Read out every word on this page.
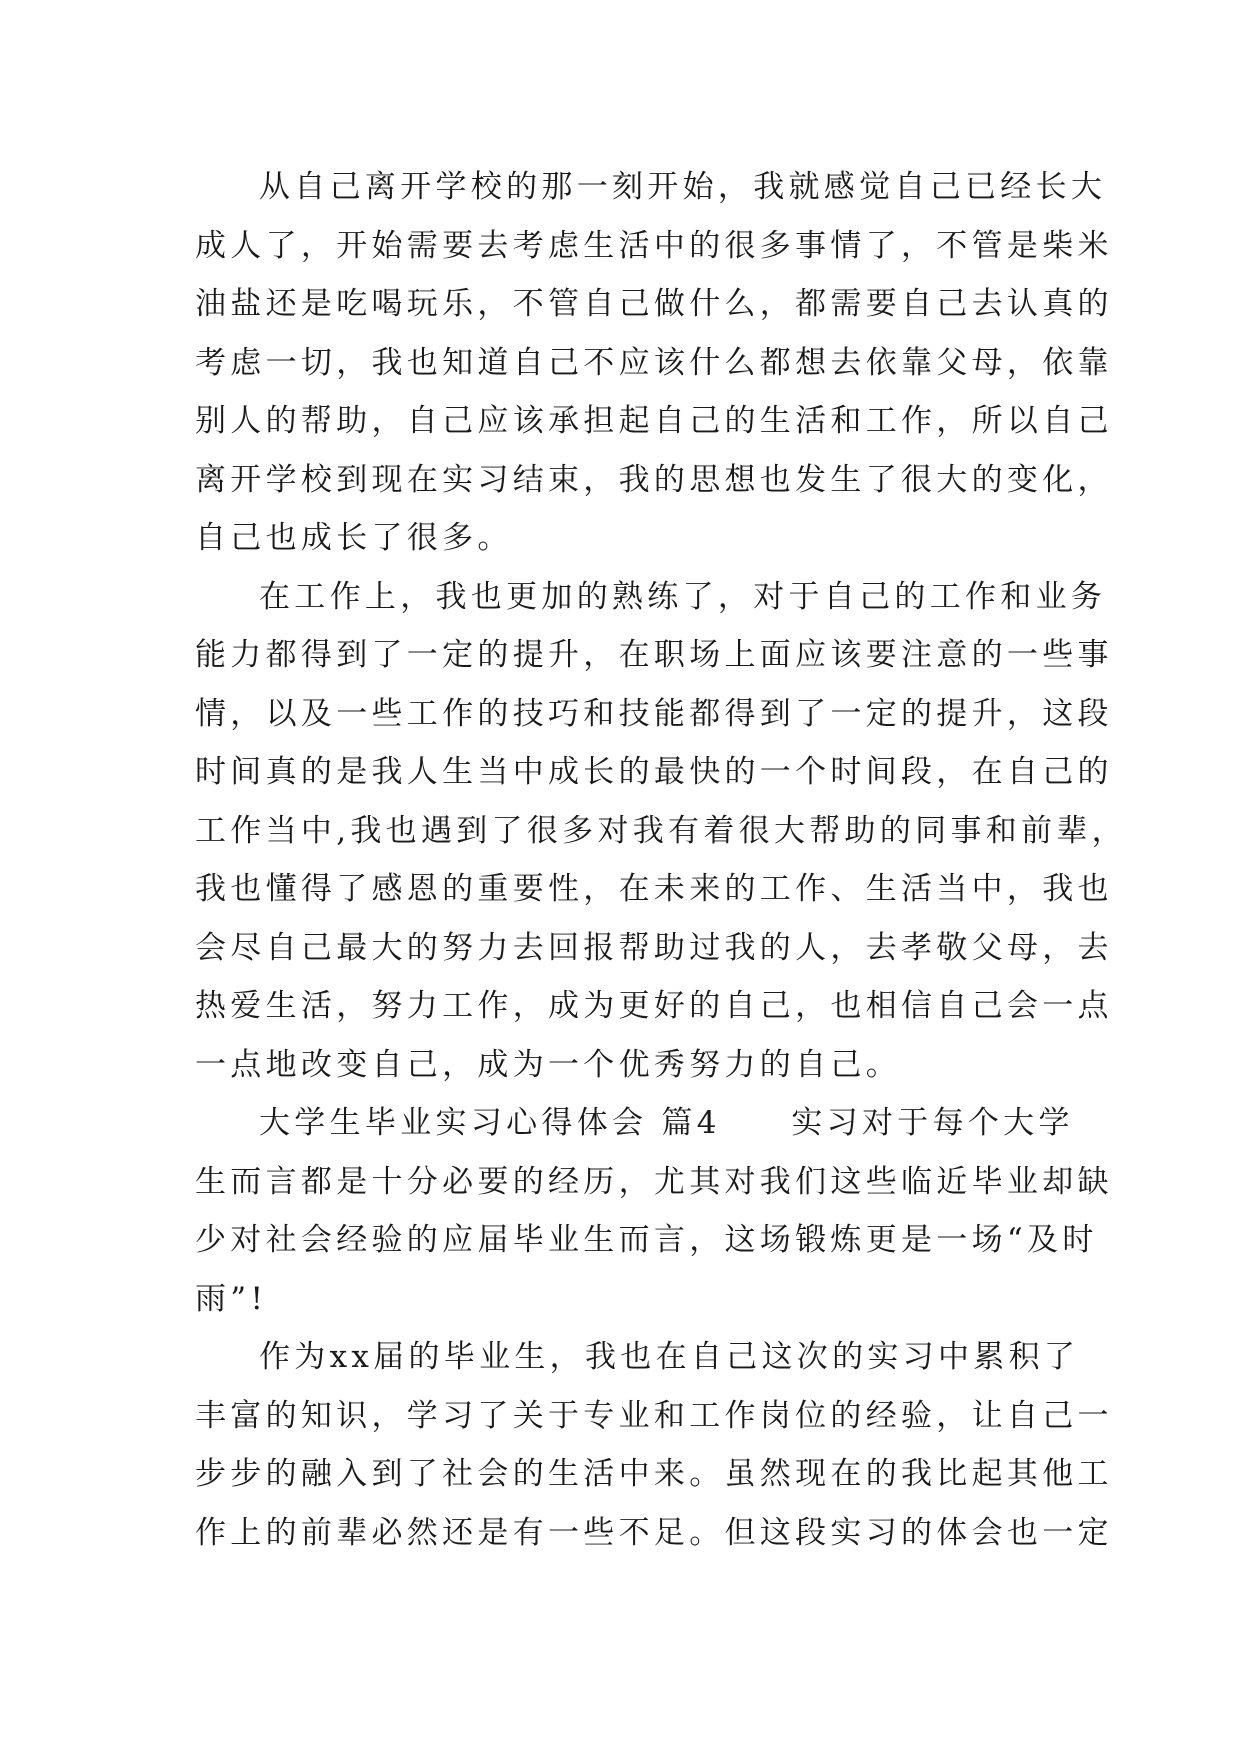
从自己离开学校的那一刻开始，我就感觉自己已经长大
成人了，开始需要去考虑生活中的很多事情了，不管是柴米
油盐还是吃喝玩乐，不管自己做什么，都需要自己去认真的
考虑一切，我也知道自己不应该什么都想去依靠父母，依靠
别人的帮助，自己应该承担起自己的生活和工作，所以自己
离开学校到现在实习结束，我的思想也发生了很大的变化，
自己也成长了很多。
在工作上，我也更加的熟练了，对于自己的工作和业务
能力都得到了一定的提升，在职场上面应该要注意的一些事
情，以及一些工作的技巧和技能都得到了一定的提升，这段
时间真的是我人生当中成长的最快的一个时间段，在自己的
工作当中,我也遇到了很多对我有着很大帮助的同事和前辈，
我也懂得了感恩的重要性，在未来的工作、生活当中，我也
会尽自己最大的努力去回报帮助过我的人，去孝敬父母，去
热爱生活，努力工作，成为更好的自己，也相信自己会一点
一点地改变自己，成为一个优秀努力的自己。
大学生毕业实习心得体会 篇4　　实习对于每个大学
生而言都是十分必要的经历，尤其对我们这些临近毕业却缺
少对社会经验的应届毕业生而言，这场锻炼更是一场“及时
雨”!
作为xx届的毕业生，我也在自己这次的实习中累积了
丰富的知识，学习了关于专业和工作岗位的经验，让自己一
步步的融入到了社会的生活中来。虽然现在的我比起其他工
作上的前辈必然还是有一些不足。但这段实习的体会也一定
